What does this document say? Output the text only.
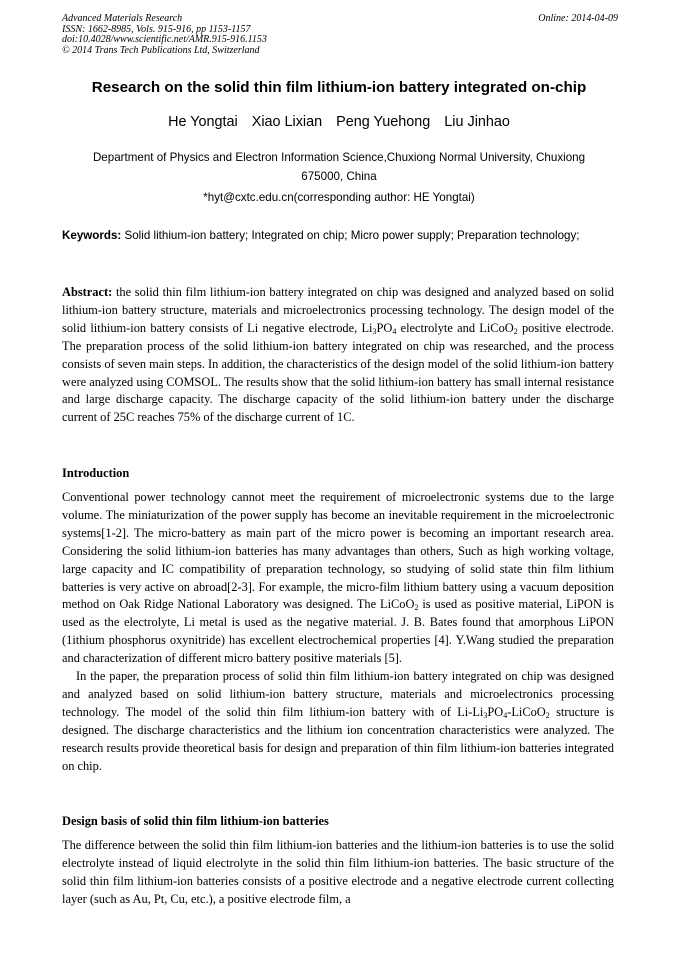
Advanced Materials Research
ISSN: 1662-8985, Vols. 915-916, pp 1153-1157
doi:10.4028/www.scientific.net/AMR.915-916.1153
© 2014 Trans Tech Publications Ltd, Switzerland
Online: 2014-04-09
Research on the solid thin film lithium-ion battery integrated on-chip
He Yongtai Xiao Lixian Peng Yuehong Liu Jinhao
Department of Physics and Electron Information Science,Chuxiong Normal University, Chuxiong
675000, China
*hyt@cxtc.edu.cn(corresponding author: HE Yongtai)
Keywords: Solid lithium-ion battery; Integrated on chip; Micro power supply; Preparation technology;
Abstract: the solid thin film lithium-ion battery integrated on chip was designed and analyzed based on solid lithium-ion battery structure, materials and microelectronics processing technology. The design model of the solid lithium-ion battery consists of Li negative electrode, $Li_3PO_4$ electrolyte and LiCoO$_2$ positive electrode. The preparation process of the solid lithium-ion battery integrated on chip was researched, and the process consists of seven main steps. In addition, the characteristics of the design model of the solid lithium-ion battery were analyzed using COMSOL. The results show that the solid lithium-ion battery has small internal resistance and large discharge capacity. The discharge capacity of the solid lithium-ion battery under the discharge current of 25C reaches 75% of the discharge current of 1C.
Introduction

Conventional power technology cannot meet the requirement of microelectronic systems due to the large volume. The miniaturization of the power supply has become an inevitable requirement in the microelectronic systems[1-2]. The micro-battery as main part of the micro power is becoming an important research area. Considering the solid lithium-ion batteries has many advantages than others, Such as high working voltage, large capacity and IC compatibility of preparation technology, so studying of solid state thin film lithium batteries is very active on abroad[2-3]. For example, the micro-film lithium battery using a vacuum deposition method on Oak Ridge National Laboratory was designed. The LiCoO$_2$ is used as positive material, LiPON is used as the electrolyte, Li metal is used as the negative material. J. B. Bates found that amorphous LiPON (1ithium phosphorus oxynitride) has excellent electrochemical properties [4]. Y.Wang studied the preparation and characterization of different micro battery positive materials [5].

In the paper, the preparation process of solid thin film lithium-ion battery integrated on chip was designed and analyzed based on solid lithium-ion battery structure, materials and microelectronics processing technology. The model of the solid thin film lithium-ion battery with of $Li-Li_3PO_4-LiCoO_2$ structure is designed. The discharge characteristics and the lithium ion concentration characteristics were analyzed. The research results provide theoretical basis for design and preparation of thin film lithium-ion batteries integrated on chip.

Design basis of solid thin film lithium-ion batteries
The difference between the solid thin film lithium-ion batteries and the lithium-ion batteries is to use the solid electrolyte instead of liquid electrolyte in the solid thin film lithium-ion batteries. The basic structure of the solid thin film lithium-ion batteries consists of a positive electrode and a negative electrode current collecting layer (such as Au, Pt, Cu, etc.), a positive electrode film, a
